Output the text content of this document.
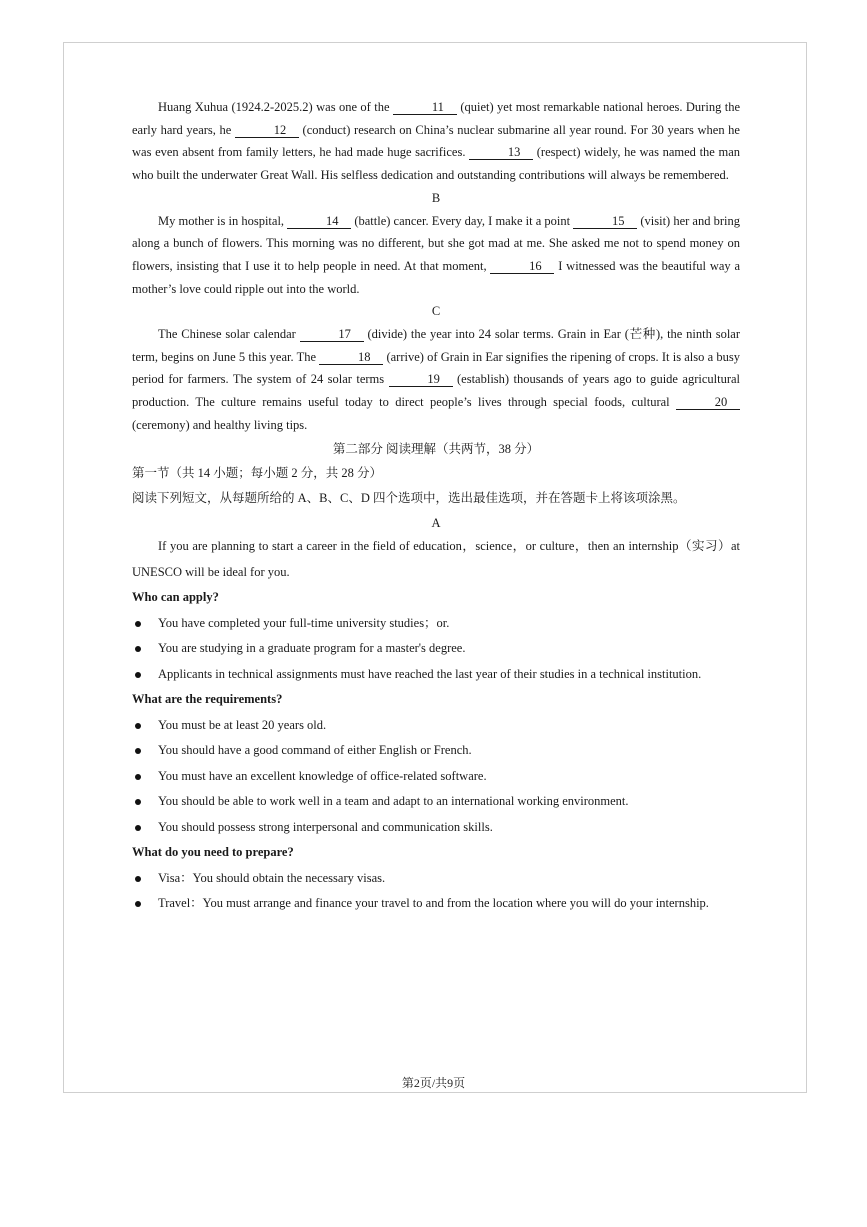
Huang Xuhua (1924.2-2025.2) was one of the	11 (quiet) yet most remarkable national heroes. During the early hard years, he	12 (conduct) research on China’s nuclear submarine all year round. For 30 years when he was even absent from family letters, he had made huge sacrifices.	13 (respect) widely, he was named the man who built the underwater Great Wall. His selfless dedication and outstanding contributions will always be remembered.

B

My mother is in hospital,	14 (battle) cancer. Every day, I make it a point	15 (visit) her and bring along a bunch of flowers. This morning was no different, but she got mad at me. She asked me not to spend money on flowers, insisting that I use it to help people in need. At that moment,	16 I witnessed was the beautiful way a mother’s love could ripple out into the world.

C

The Chinese solar calendar	17 (divide) the year into 24 solar terms. Grain in Ear (芒种), the ninth solar term, begins on June 5 this year. The	18 (arrive) of Grain in Ear signifies the ripening of crops. It is also a busy period for farmers. The system of 24 solar terms	19 (establish) thousands of years ago to guide agricultural production. The culture remains useful today to direct people’s lives through special foods, cultural	20(ceremony) and healthy living tips.

第二部分 阅读理解（共两节，38 分）

第一节（共 14 小题；每小题 2 分，共 28 分）

阅读下列短文，从每题所给的 A、B、C、D 四个选项中，选出最佳选项，并在答题卡上将该项涂黑。

A

If you are planning to start a career in the field of education，science，or culture，then an internship（实习）at UNESCO will be ideal for you.

Who can apply?

You have completed your full-time university studies；or.
You are studying in a graduate program for a master's degree.
Applicants in technical assignments must have reached the last year of their studies in a technical institution.

What are the requirements?

You must be at least 20 years old.
You should have a good command of either English or French.
You must have an excellent knowledge of office-related software.
You should be able to work well in a team and adapt to an international working environment.
You should possess strong interpersonal and communication skills.

What do you need to prepare?

Visa：You should obtain the necessary visas.
Travel：You must arrange and finance your travel to and from the location where you will do your internship.
第2页/共9页
